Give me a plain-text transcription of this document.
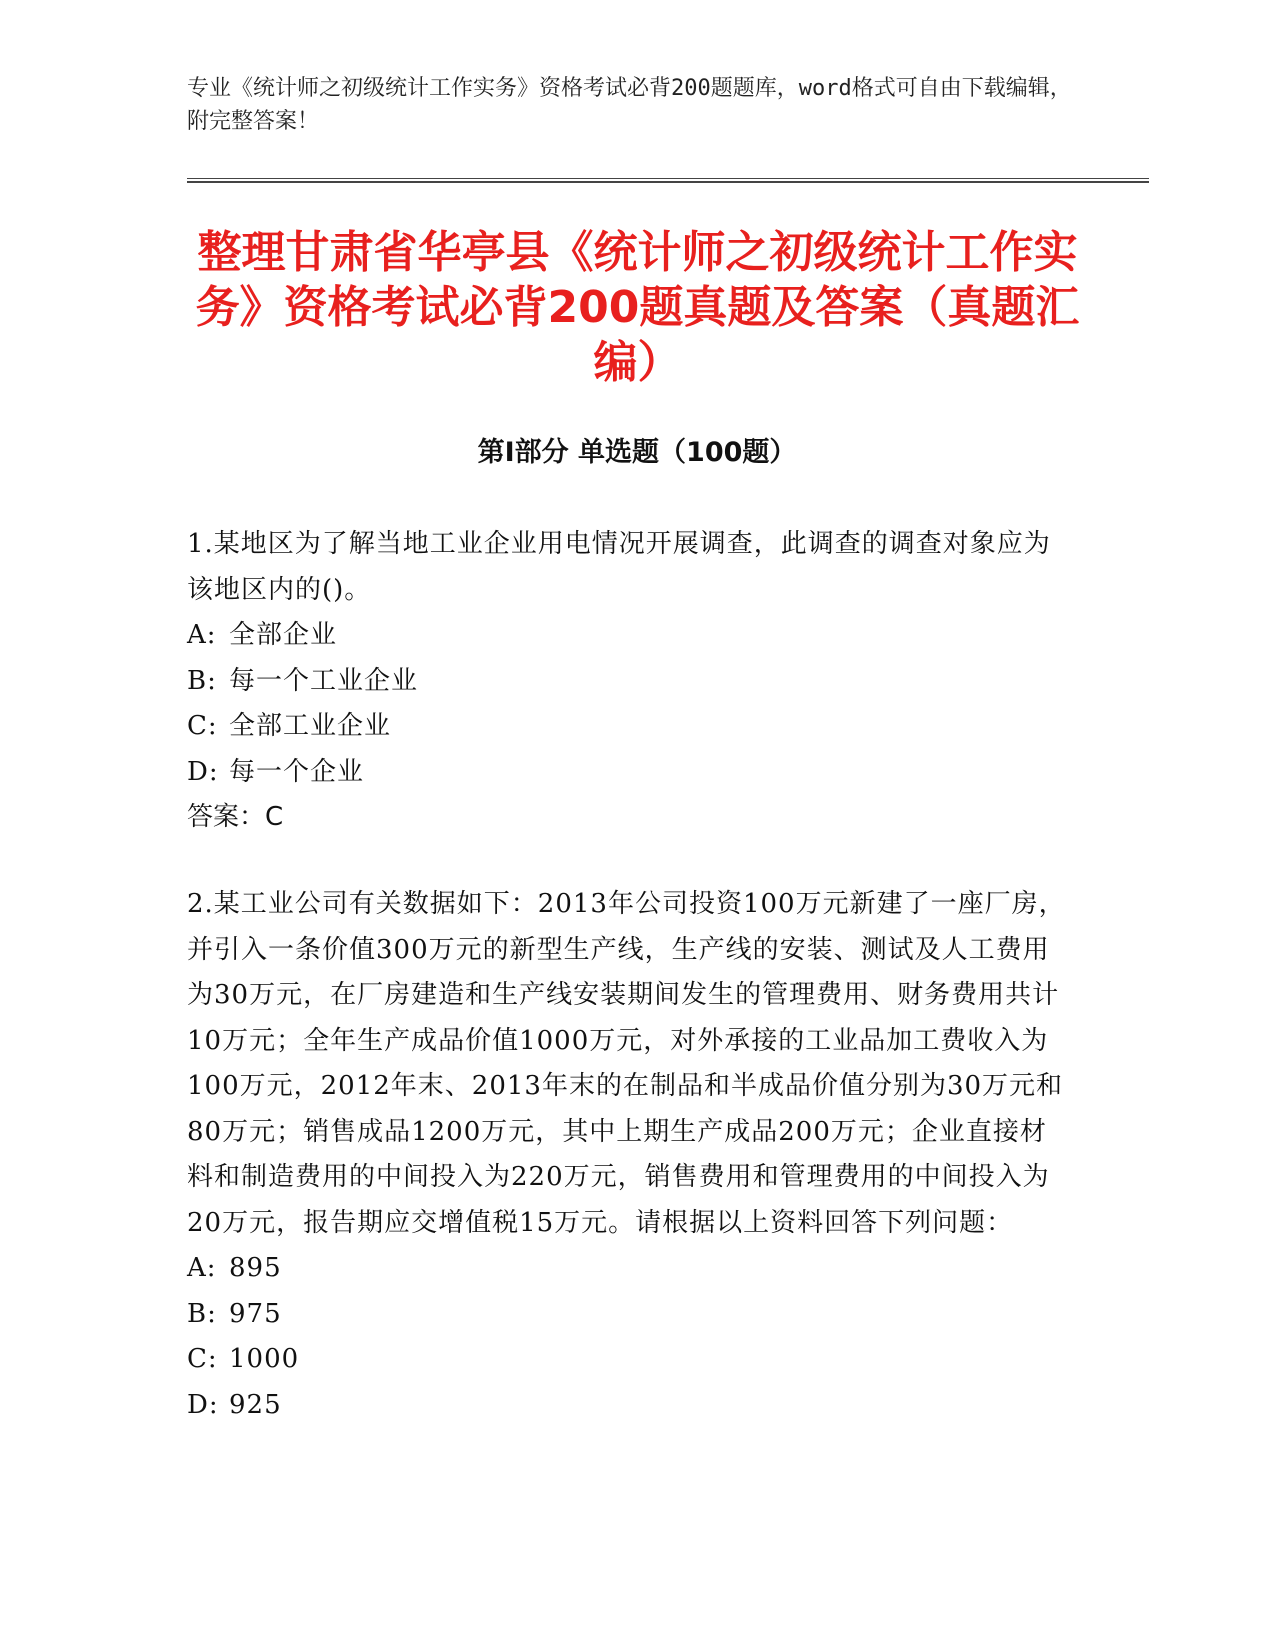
专业《统计师之初级统计工作实务》资格考试必背200题题库，word格式可自由下载编辑，附完整答案！
整理甘肃省华亭县《统计师之初级统计工作实务》资格考试必背200题真题及答案（真题汇编）
第I部分 单选题（100题）

1.某地区为了解当地工业企业用电情况开展调查，此调查的调查对象应为该地区内的()。

A: 全部企业

B: 每一个工业企业

C: 全部工业企业

D: 每一个企业

答案：C

2.某工业公司有关数据如下：2013年公司投资100万元新建了一座厂房，并引入一条价值300万元的新型生产线，生产线的安装、测试及人工费用为30万元，在厂房建造和生产线安装期间发生的管理费用、财务费用共计10万元；全年生产成品价值1000万元，对外承接的工业品加工费收入为100万元，2012年末、2013年末的在制品和半成品价值分别为30万元和80万元；销售成品1200万元，其中上期生产成品200万元；企业直接材料和制造费用的中间投入为220万元，销售费用和管理费用的中间投入为20万元，报告期应交增值税15万元。请根据以上资料回答下列问题：

A: 895

B: 975

C: 1000

D: 925
